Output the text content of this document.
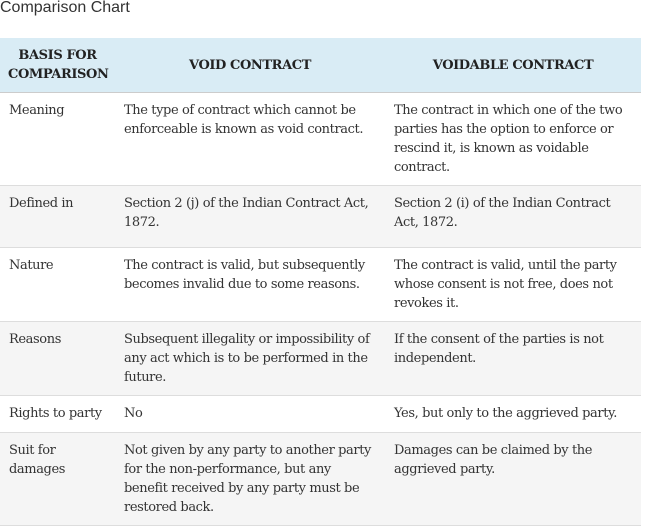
Comparison Chart
BASIS FOR COMPARISON	VOID CONTRACT	VOIDABLE CONTRACT
Meaning	The type of contract which cannot be enforceable is known as void contract.	The contract in which one of the two parties has the option to enforce or rescind it, is known as voidable contract.
Defined in	Section 2 (j) of the Indian Contract Act, 1872.	Section 2 (i) of the Indian Contract Act, 1872.
Nature	The contract is valid, but subsequently becomes invalid due to some reasons.	The contract is valid, until the party whose consent is not free, does not revokes it.
Reasons	Subsequent illegality or impossibility of any act which is to be performed in the future.	If the consent of the parties is not independent.
Rights to party	No	Yes, but only to the aggrieved party.
Suit for damages	Not given by any party to another party for the non-performance, but any benefit received by any party must be restored back.	Damages can be claimed by the aggrieved party.
